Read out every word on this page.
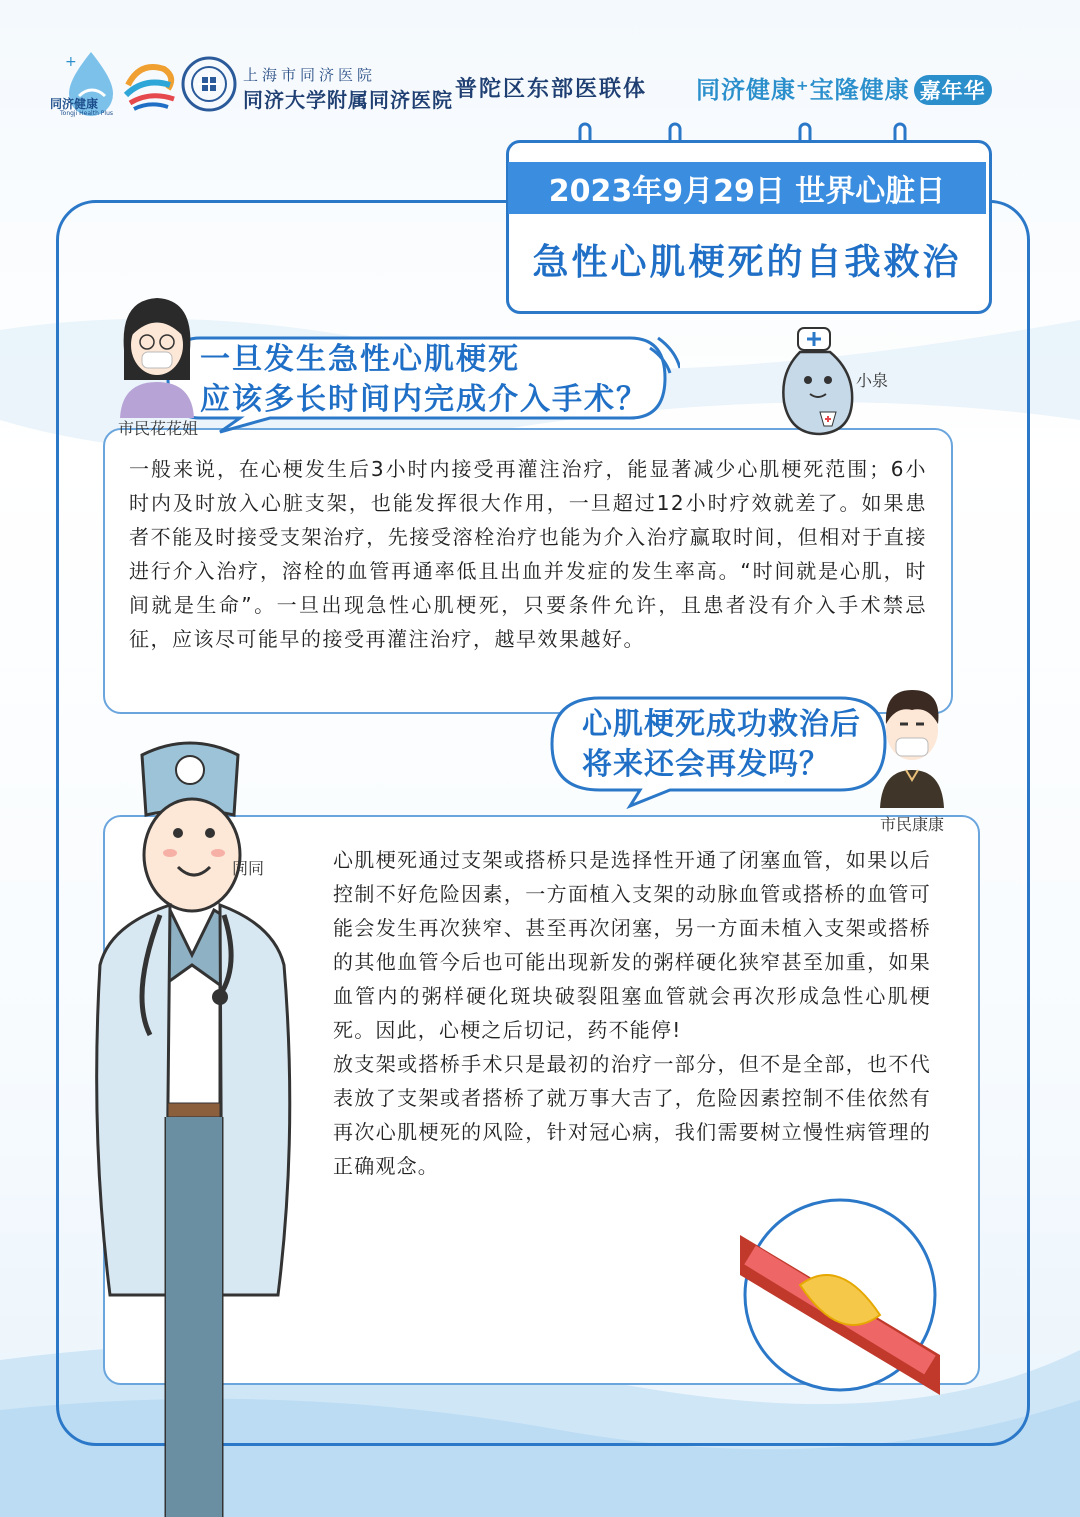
+
同济健康
Tongji Health Plus
上海市同济医院
同济大学附属同济医院 普陀区东部医联体 同济健康⁺宝隆健康 嘉年华
2023年9月29日 世界心脏日
急性心肌梗死的自我救治

一般来说，在心梗发生后3小时内接受再灌注治疗，能显著减少心肌梗死范围；6小时内及时放入心脏支架，也能发挥很大作用，一旦超过12小时疗效就差了。如果患者不能及时接受支架治疗，先接受溶栓治疗也能为介入治疗赢取时间，但相对于直接进行介入治疗，溶栓的血管再通率低且出血并发症的发生率高。“时间就是心肌，时间就是生命”。一旦出现急性心肌梗死，只要条件允许，且患者没有介入手术禁忌征，应该尽可能早的接受再灌注治疗，越早效果越好。

一旦发生急性心肌梗死
应该多长时间内完成介入手术？
市民花花姐
小泉

心肌梗死通过支架或搭桥只是选择性开通了闭塞血管，如果以后控制不好危险因素，一方面植入支架的动脉血管或搭桥的血管可能会发生再次狭窄、甚至再次闭塞，另一方面未植入支架或搭桥的其他血管今后也可能出现新发的粥样硬化狭窄甚至加重，如果血管内的粥样硬化斑块破裂阻塞血管就会再次形成急性心肌梗死。因此，心梗之后切记，药不能停!

放支架或搭桥手术只是最初的治疗一部分，但不是全部，也不代表放了支架或者搭桥了就万事大吉了，危险因素控制不佳依然有再次心肌梗死的风险，针对冠心病，我们需要树立慢性病管理的正确观念。

心肌梗死成功救治后
将来还会再发吗？
市民康康
同同
